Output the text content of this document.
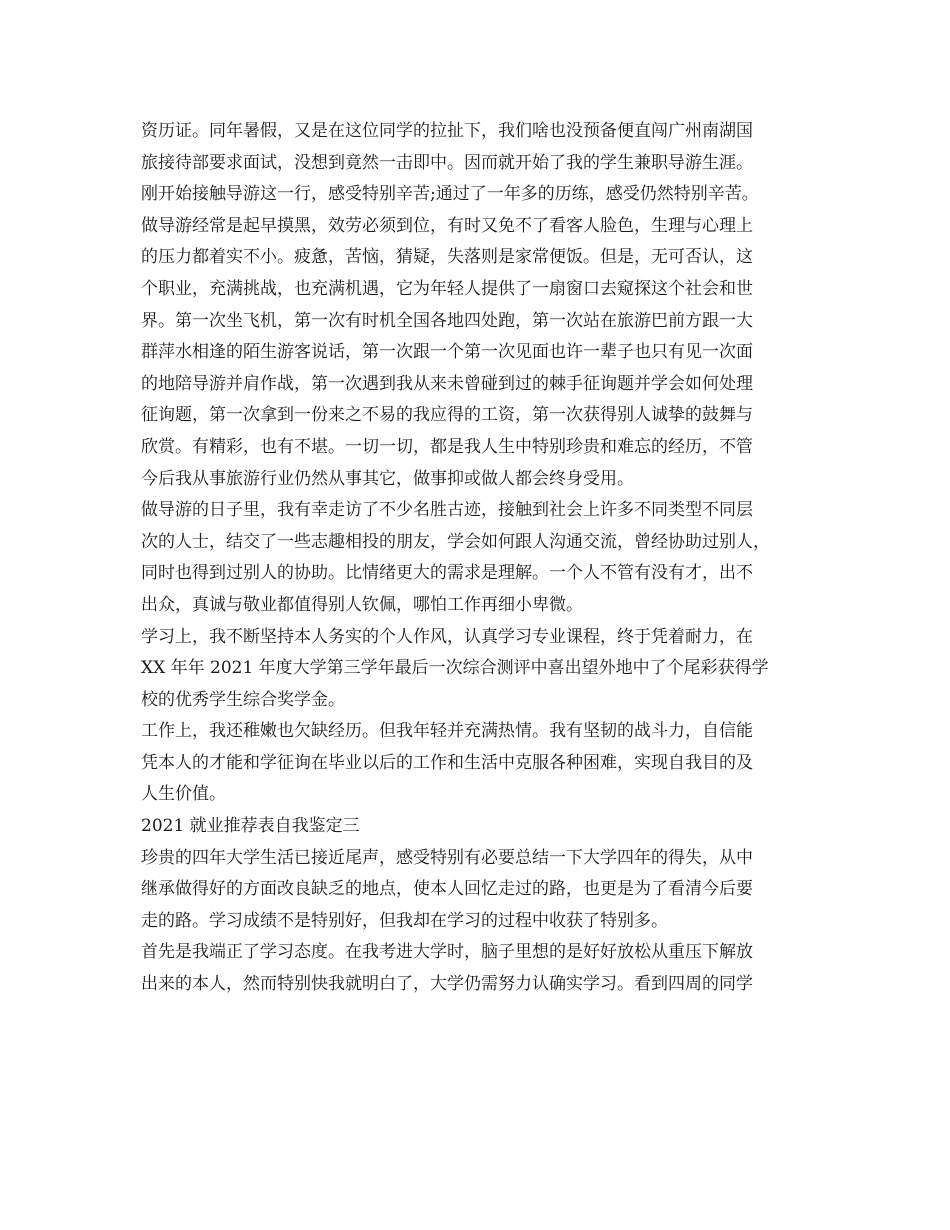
资历证。同年暑假，又是在这位同学的拉扯下，我们啥也没预备便直闯广州南湖国
旅接待部要求面试，没想到竟然一击即中。因而就开始了我的学生兼职导游生涯。
刚开始接触导游这一行，感受特别辛苦;通过了一年多的历练，感受仍然特别辛苦。
做导游经常是起早摸黑，效劳必须到位，有时又免不了看客人脸色，生理与心理上
的压力都着实不小。疲惫，苦恼，猜疑，失落则是家常便饭。但是，无可否认，这
个职业，充满挑战，也充满机遇，它为年轻人提供了一扇窗口去窥探这个社会和世
界。第一次坐飞机，第一次有时机全国各地四处跑，第一次站在旅游巴前方跟一大
群萍水相逢的陌生游客说话，第一次跟一个第一次见面也许一辈子也只有见一次面
的地陪导游并肩作战，第一次遇到我从来未曾碰到过的棘手征询题并学会如何处理
征询题，第一次拿到一份来之不易的我应得的工资，第一次获得别人诚挚的鼓舞与
欣赏。有精彩，也有不堪。一切一切，都是我人生中特别珍贵和难忘的经历，不管
今后我从事旅游行业仍然从事其它，做事抑或做人都会终身受用。
做导游的日子里，我有幸走访了不少名胜古迹，接触到社会上许多不同类型不同层
次的人士，结交了一些志趣相投的朋友，学会如何跟人沟通交流，曾经协助过别人，
同时也得到过别人的协助。比情绪更大的需求是理解。一个人不管有没有才，出不
出众，真诚与敬业都值得别人钦佩，哪怕工作再细小卑微。
学习上，我不断坚持本人务实的个人作风，认真学习专业课程，终于凭着耐力，在
XX 年年 2021 年度大学第三学年最后一次综合测评中喜出望外地中了个尾彩获得学
校的优秀学生综合奖学金。
工作上，我还稚嫩也欠缺经历。但我年轻并充满热情。我有坚韧的战斗力，自信能
凭本人的才能和学征询在毕业以后的工作和生活中克服各种困难，实现自我目的及
人生价值。
2021 就业推荐表自我鉴定三
珍贵的四年大学生活已接近尾声，感受特别有必要总结一下大学四年的得失，从中
继承做得好的方面改良缺乏的地点，使本人回忆走过的路，也更是为了看清今后要
走的路。学习成绩不是特别好，但我却在学习的过程中收获了特别多。
首先是我端正了学习态度。在我考进大学时，脑子里想的是好好放松从重压下解放
出来的本人，然而特别快我就明白了，大学仍需努力认确实学习。看到四周的同学
